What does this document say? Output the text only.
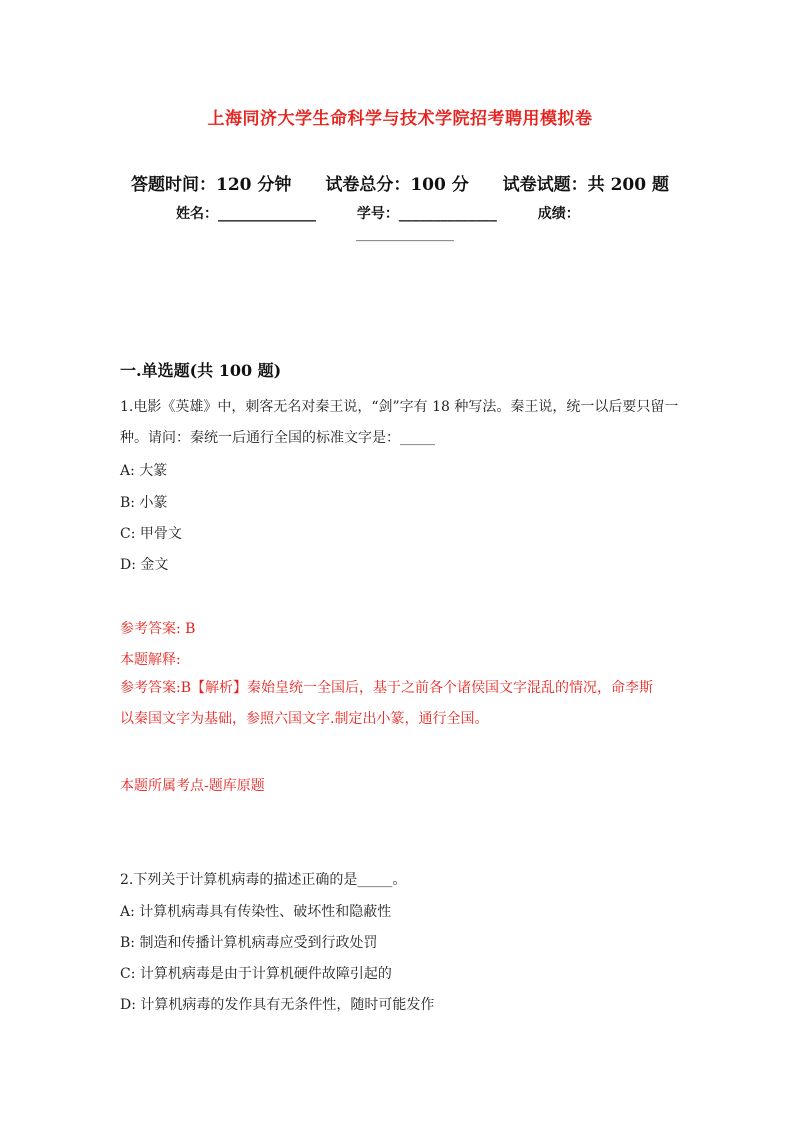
上海同济大学生命科学与技术学院招考聘用模拟卷
答题时间：120 分钟 试卷总分：100 分 试卷试题：共 200 题
姓名：______________	学号：______________	成绩：
______________
一.单选题(共 100 题)
1.电影《英雄》中，刺客无名对秦王说，“剑”字有 18 种写法。秦王说，统一以后要只留一种。请问：秦统一后通行全国的标准文字是：_____
A: 大篆
B: 小篆
C: 甲骨文
D: 金文
参考答案: B
本题解释:
参考答案:B【解析】秦始皇统一全国后，基于之前各个诸侯国文字混乱的情况，命李斯以秦国文字为基础，参照六国文字.制定出小篆，通行全国。
本题所属考点-题库原题
2.下列关于计算机病毒的描述正确的是_____。
A: 计算机病毒具有传染性、破坏性和隐蔽性
B: 制造和传播计算机病毒应受到行政处罚
C: 计算机病毒是由于计算机硬件故障引起的
D: 计算机病毒的发作具有无条件性，随时可能发作
